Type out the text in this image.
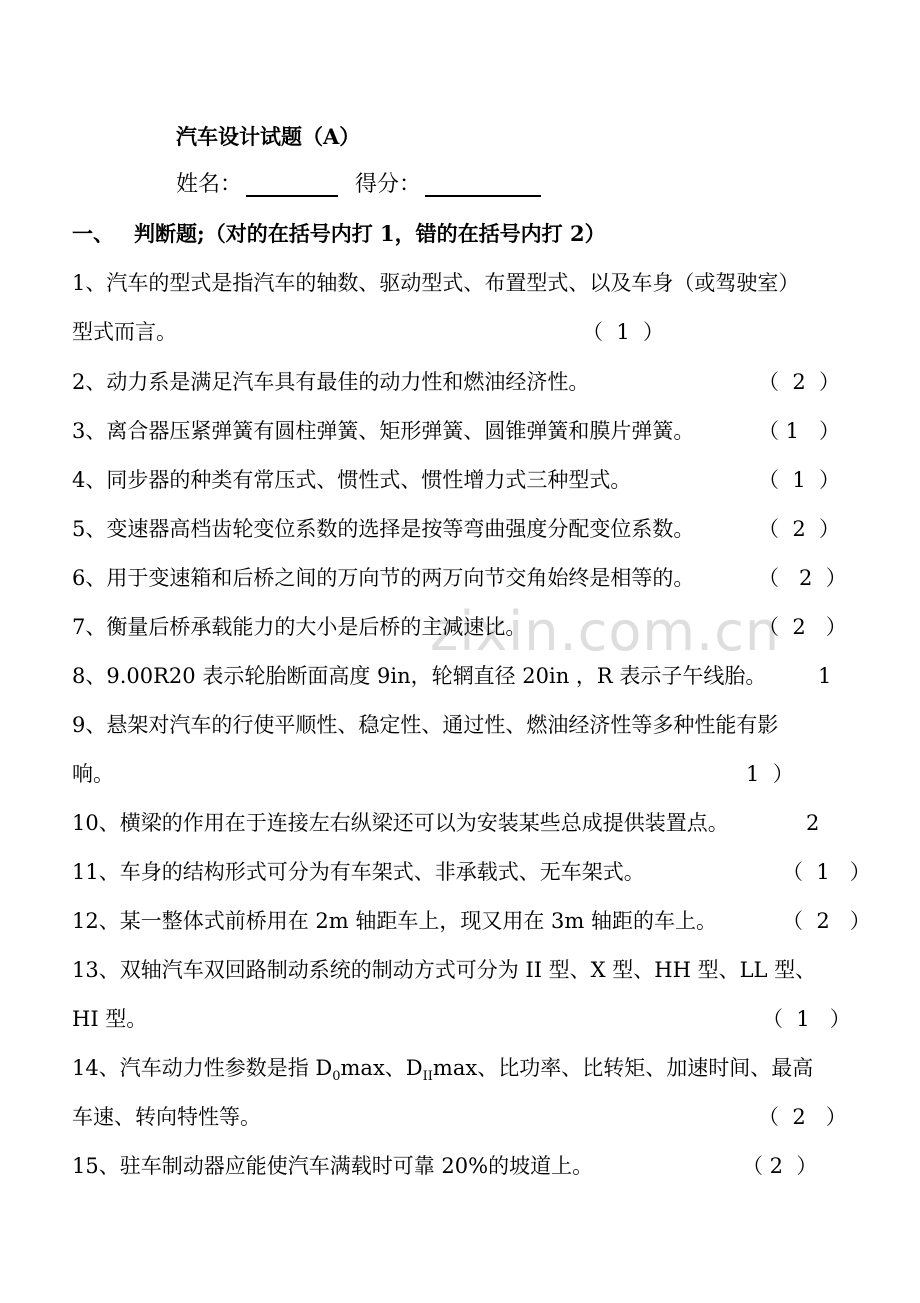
zixin.com.cn
汽车设计试题（A）
姓名：	得分：
一、 判断题;（对的在括号内打 1，错的在括号内打 2）
1、汽车的型式是指汽车的轴数、驱动型式、布置型式、以及车身（或驾驶室）
型式而言。	（  1  ）
2、动力系是满足汽车具有最佳的动力性和燃油经济性。	（  2  ）
3、离合器压紧弹簧有圆柱弹簧、矩形弹簧、圆锥弹簧和膜片弹簧。	（ 1   ）
4、同步器的种类有常压式、惯性式、惯性增力式三种型式。	（  1  ）
5、变速器高档齿轮变位系数的选择是按等弯曲强度分配变位系数。	（  2  ）
6、用于变速箱和后桥之间的万向节的两万向节交角始终是相等的。	（   2  ）
7、衡量后桥承载能力的大小是后桥的主减速比。	（  2   ）
8、9.00R20 表示轮胎断面高度 9in，轮辋直径 20in ，R 表示子午线胎。 1
9、悬架对汽车的行使平顺性、稳定性、通过性、燃油经济性等多种性能有影
响。	1  ）
10、横梁的作用在于连接左右纵梁还可以为安装某些总成提供装置点。	2
11、车身的结构形式可分为有车架式、非承载式、无车架式。	（  1   ）
12、某一整体式前桥用在 2m 轴距车上，现又用在 3m 轴距的车上。	（  2   ）
13、双轴汽车双回路制动系统的制动方式可分为 II 型、X 型、HH 型、LL 型、
HI 型。	（  1   ）
14、汽车动力性参数是指 $D_0\max$、$D_{II}\max$、比功率、比转矩、加速时间、最高
车速、转向特性等。	（  2   ）
15、驻车制动器应能使汽车满载时可靠 20%的坡道上。	（ 2  ）
